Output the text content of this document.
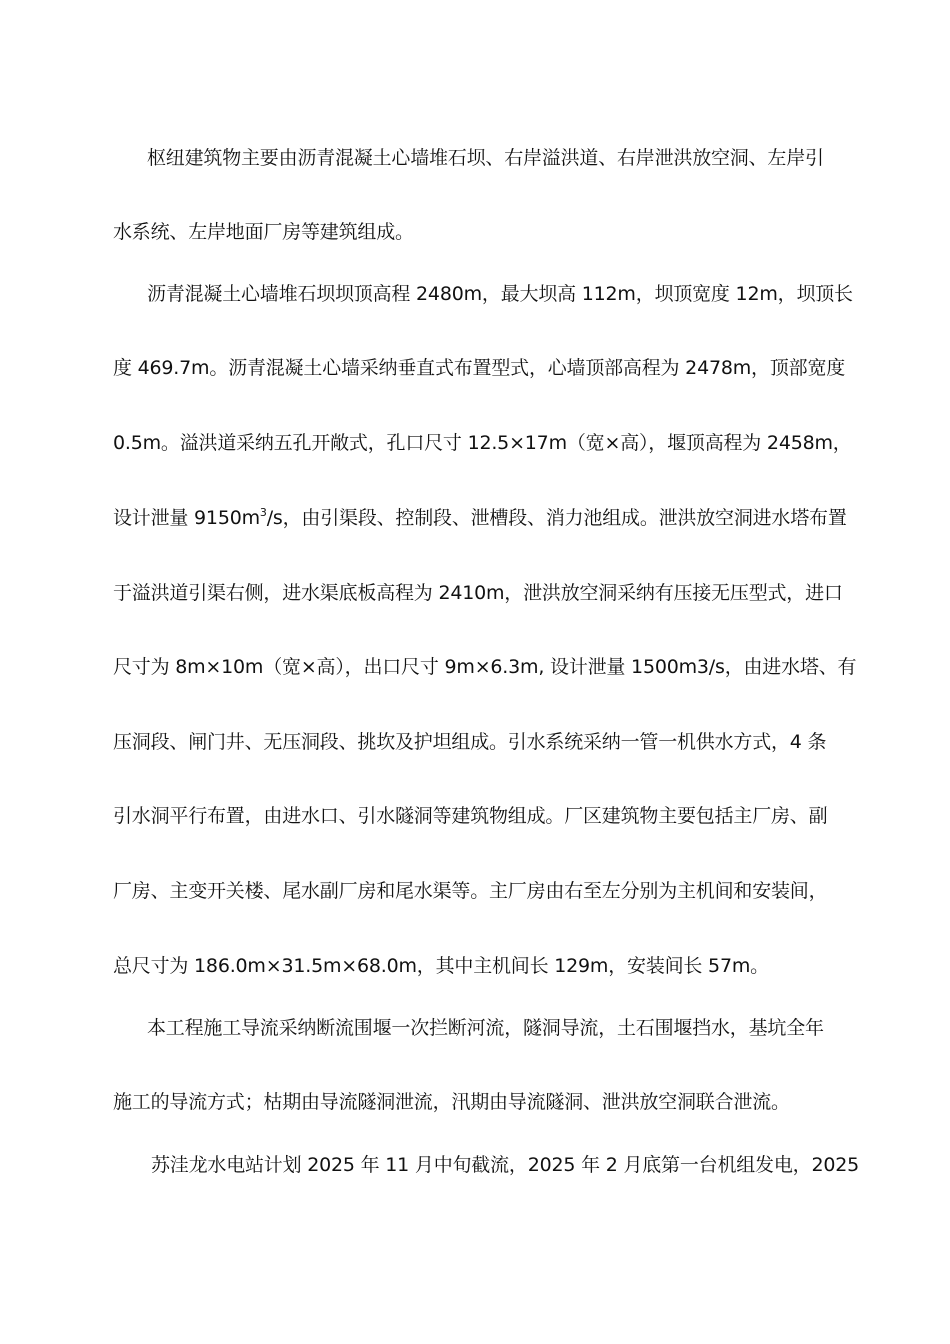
枢纽建筑物主要由沥青混凝土心墙堆石坝、右岸溢洪道、右岸泄洪放空洞、左岸引

水系统、左岸地面厂房等建筑组成。

沥青混凝土心墙堆石坝坝顶高程 2480m，最大坝高 112m，坝顶宽度 12m，坝顶长

度 469.7m。沥青混凝土心墙采纳垂直式布置型式，心墙顶部高程为 2478m，顶部宽度

0.5m。溢洪道采纳五孔开敞式，孔口尺寸 12.5×17m（宽×高），堰顶高程为 2458m，

设计泄量 $9150m^3/s$，由引渠段、控制段、泄槽段、消力池组成。泄洪放空洞进水塔布置

于溢洪道引渠右侧，进水渠底板高程为 2410m，泄洪放空洞采纳有压接无压型式，进口

尺寸为 8m×10m（宽×高），出口尺寸 9m×6.3m, 设计泄量 1500m3/s，由进水塔、有

压洞段、闸门井、无压洞段、挑坎及护坦组成。引水系统采纳一管一机供水方式，4 条

引水洞平行布置，由进水口、引水隧洞等建筑物组成。厂区建筑物主要包括主厂房、副

厂房、主变开关楼、尾水副厂房和尾水渠等。主厂房由右至左分别为主机间和安装间，

总尺寸为 186.0m×31.5m×68.0m，其中主机间长 129m，安装间长 57m。

本工程施工导流采纳断流围堰一次拦断河流，隧洞导流，土石围堰挡水，基坑全年

施工的导流方式；枯期由导流隧洞泄流，汛期由导流隧洞、泄洪放空洞联合泄流。

苏洼龙水电站计划 2025 年 11 月中旬截流，2025 年 2 月底第一台机组发电，2025
